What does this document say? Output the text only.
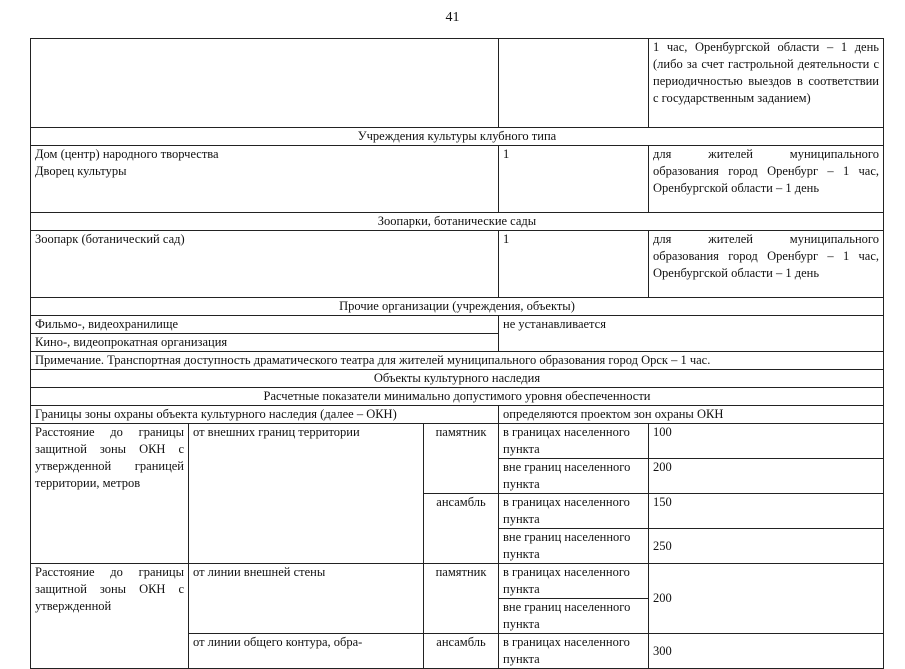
41
				1 час, Оренбургской области – 1 день (либо за счет гастрольной деятельности с периодичностью выездов в соответствии с государственным заданием)
Учреждения культуры клубного типа				

Дом (центр) народного творчества
Дворец культуры			1	для жителей муниципального образования город Оренбург – 1 час, Оренбургской области – 1 день
Зоопарки, ботанические сады				
Зоопарк (ботанический сад)			1	для жителей муниципального образования город Оренбург – 1 час, Оренбургской области – 1 день
Прочие организации (учреждения, объекты)				
Фильмо-, видеохранилище			не устанавливается	
Кино-, видеопрокатная организация				
Примечание. Транспортная доступность драматического театра для жителей муниципального образования город Орск – 1 час.				
Объекты культурного наследия				
Расчетные показатели минимально допустимого уровня обеспеченности				
Границы зоны охраны объекта культурного наследия (далее – ОКН)			определяются проектом зон охраны ОКН	
Расстояние до границы защитной зоны ОКН с утвержденной границей территории, метров	от внешних границ территории	памятник	в границах населенного пункта	100
			вне границ населенного пункта	200
		ансамбль	в границах населенного пункта	150
			вне границ населенного пункта	250
Расстояние до границы защитной зоны ОКН с утвержденной	от линии внешней стены	памятник	в границах населенного пункта	200
			вне границ населенного пункта	
	от линии общего контура, обра-	ансамбль	в границах населенного пункта	300
